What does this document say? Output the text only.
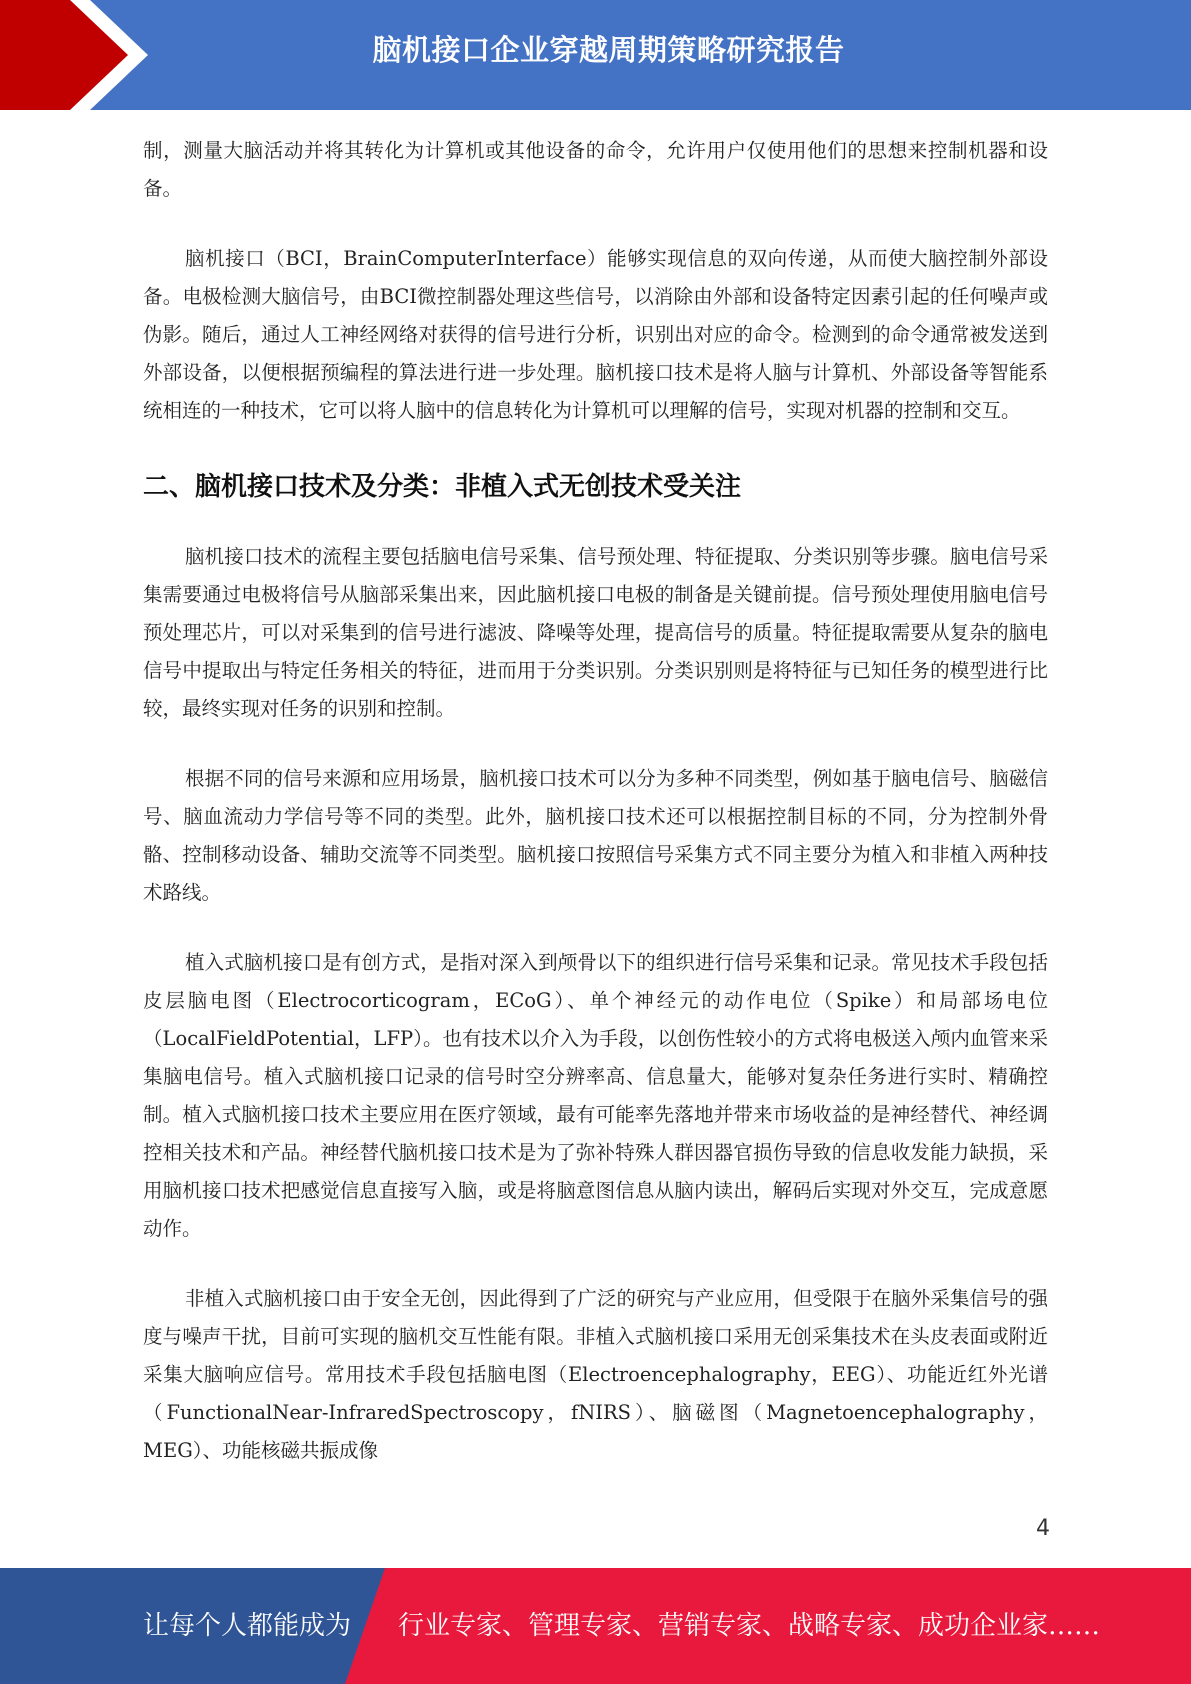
脑机接口企业穿越周期策略研究报告

制，测量大脑活动并将其转化为计算机或其他设备的命令，允许用户仅使用他们的思想来控制机器和设备。

脑机接口（BCI，BrainComputerInterface）能够实现信息的双向传递，从而使大脑控制外部设备。电极检测大脑信号，由BCI微控制器处理这些信号，以消除由外部和设备特定因素引起的任何噪声或伪影。随后，通过人工神经网络对获得的信号进行分析，识别出对应的命令。检测到的命令通常被发送到外部设备，以便根据预编程的算法进行进一步处理。脑机接口技术是将人脑与计算机、外部设备等智能系统相连的一种技术，它可以将人脑中的信息转化为计算机可以理解的信号，实现对机器的控制和交互。

二、脑机接口技术及分类：非植入式无创技术受关注

脑机接口技术的流程主要包括脑电信号采集、信号预处理、特征提取、分类识别等步骤。脑电信号采集需要通过电极将信号从脑部采集出来，因此脑机接口电极的制备是关键前提。信号预处理使用脑电信号预处理芯片，可以对采集到的信号进行滤波、降噪等处理，提高信号的质量。特征提取需要从复杂的脑电信号中提取出与特定任务相关的特征，进而用于分类识别。分类识别则是将特征与已知任务的模型进行比较，最终实现对任务的识别和控制。

根据不同的信号来源和应用场景，脑机接口技术可以分为多种不同类型，例如基于脑电信号、脑磁信号、脑血流动力学信号等不同的类型。此外，脑机接口技术还可以根据控制目标的不同，分为控制外骨骼、控制移动设备、辅助交流等不同类型。脑机接口按照信号采集方式不同主要分为植入和非植入两种技术路线。

植入式脑机接口是有创方式，是指对深入到颅骨以下的组织进行信号采集和记录。常见技术手段包括皮层脑电图（Electrocorticogram，ECoG）、单个神经元的动作电位（Spike）和局部场电位（LocalFieldPotential，LFP）。也有技术以介入为手段，以创伤性较小的方式将电极送入颅内血管来采集脑电信号。植入式脑机接口记录的信号时空分辨率高、信息量大，能够对复杂任务进行实时、精确控制。植入式脑机接口技术主要应用在医疗领域，最有可能率先落地并带来市场收益的是神经替代、神经调控相关技术和产品。神经替代脑机接口技术是为了弥补特殊人群因器官损伤导致的信息收发能力缺损，采用脑机接口技术把感觉信息直接写入脑，或是将脑意图信息从脑内读出，解码后实现对外交互，完成意愿动作。

非植入式脑机接口由于安全无创，因此得到了广泛的研究与产业应用，但受限于在脑外采集信号的强度与噪声干扰，目前可实现的脑机交互性能有限。非植入式脑机接口采用无创采集技术在头皮表面或附近采集大脑响应信号。常用技术手段包括脑电图（Electroencephalography，EEG）、功能近红外光谱（FunctionalNear-InfraredSpectroscopy，fNIRS）、脑磁图（Magnetoencephalography，MEG）、功能核磁共振成像

4
让每个人都能成为 行业专家、管理专家、营销专家、战略专家、成功企业家……
